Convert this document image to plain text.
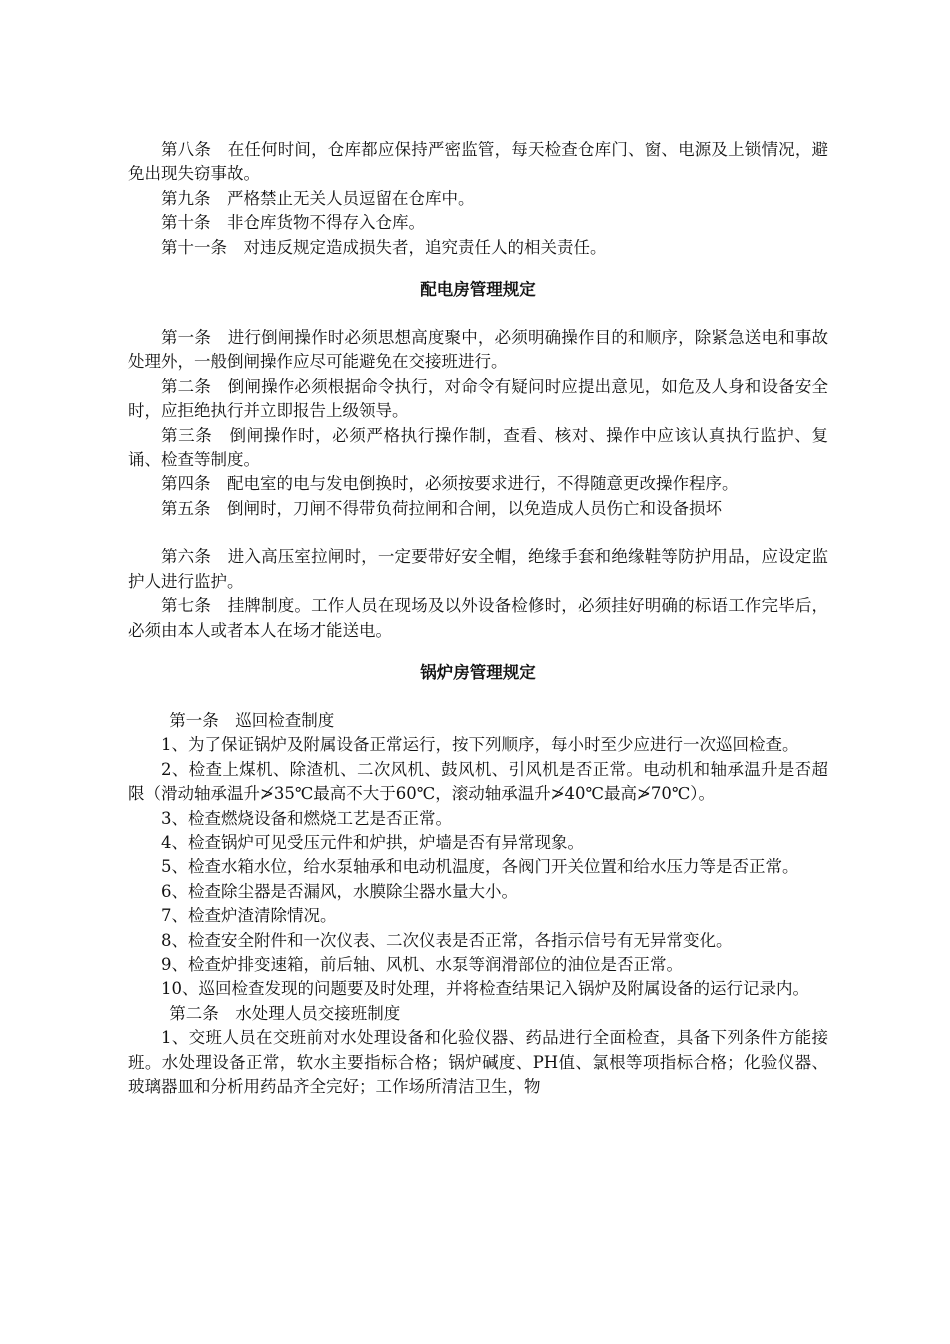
第八条　在任何时间，仓库都应保持严密监管，每天检查仓库门、窗、电源及上锁情况，避免出现失窃事故。

第九条　严格禁止无关人员逗留在仓库中。

第十条　非仓库货物不得存入仓库。

第十一条　对违反规定造成损失者，追究责任人的相关责任。

配电房管理规定

第一条　进行倒闸操作时必须思想高度聚中，必须明确操作目的和顺序，除紧急送电和事故处理外，一般倒闸操作应尽可能避免在交接班进行。

第二条　倒闸操作必须根据命令执行，对命令有疑问时应提出意见，如危及人身和设备安全时，应拒绝执行并立即报告上级领导。

第三条　倒闸操作时，必须严格执行操作制，查看、核对、操作中应该认真执行监护、复诵、检查等制度。

第四条　配电室的电与发电倒换时，必须按要求进行，不得随意更改操作程序。

第五条　倒闸时，刀闸不得带负荷拉闸和合闸，以免造成人员伤亡和设备损坏

第六条　进入高压室拉闸时，一定要带好安全帽，绝缘手套和绝缘鞋等防护用品，应设定监护人进行监护。

第七条　挂牌制度。工作人员在现场及以外设备检修时，必须挂好明确的标语工作完毕后，必须由本人或者本人在场才能送电。

锅炉房管理规定

第一条　巡回检查制度

1、为了保证锅炉及附属设备正常运行，按下列顺序，每小时至少应进行一次巡回检查。

2、检查上煤机、除渣机、二次风机、鼓风机、引风机是否正常。电动机和轴承温升是否超限（滑动轴承温升≯35℃最高不大于60℃，滚动轴承温升≯40℃最高≯70℃）。

3、检查燃烧设备和燃烧工艺是否正常。

4、检查锅炉可见受压元件和炉拱，炉墙是否有异常现象。

5、检查水箱水位，给水泵轴承和电动机温度，各阀门开关位置和给水压力等是否正常。

6、检查除尘器是否漏风，水膜除尘器水量大小。

7、检查炉渣清除情况。

8、检查安全附件和一次仪表、二次仪表是否正常，各指示信号有无异常变化。

9、检查炉排变速箱，前后轴、风机、水泵等润滑部位的油位是否正常。

10、巡回检查发现的问题要及时处理，并将检查结果记入锅炉及附属设备的运行记录内。

第二条　水处理人员交接班制度

1、交班人员在交班前对水处理设备和化验仪器、药品进行全面检查，具备下列条件方能接班。水处理设备正常，软水主要指标合格；锅炉碱度、PH值、氯根等项指标合格；化验仪器、玻璃器皿和分析用药品齐全完好；工作场所清洁卫生，物
